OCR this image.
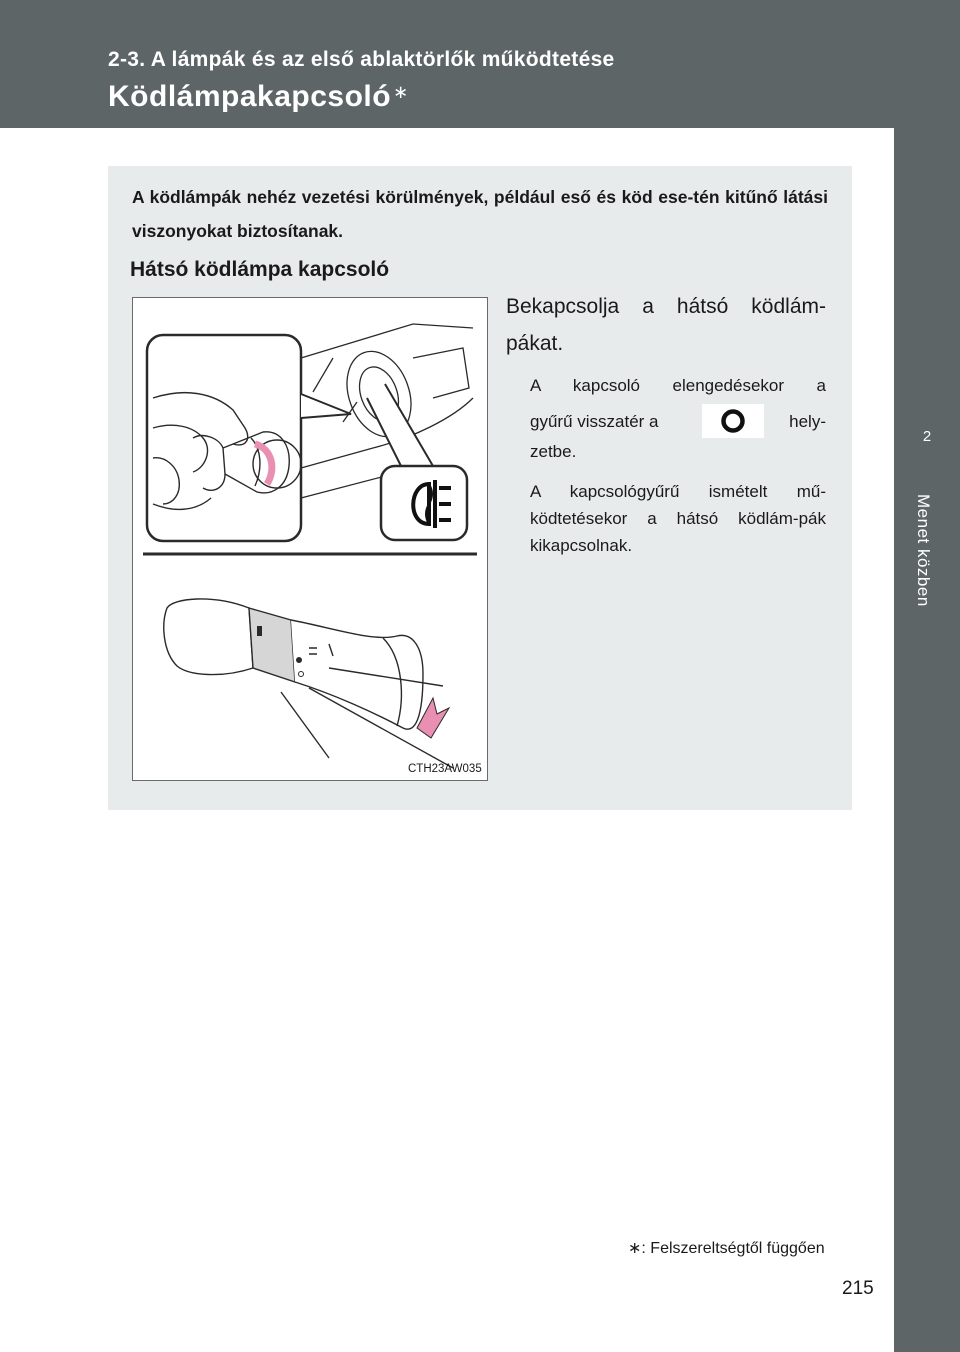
2-3. A lámpák és az első ablaktörlők működtetése
Ködlámpakapcsoló ∗
2
Menet közben
A ködlámpák nehéz vezetési körülmények, például eső és köd ese-tén kitűnő látási viszonyokat biztosítanak.
Hátsó ködlámpa kapcsoló
CTH23AW035
Bekapcsolja a hátsó ködlám-pákat.
A kapcsoló elengedésekor a
gyűrű visszatér a	hely-
zetbe.
A kapcsológyűrű ismételt mű-ködtetésekor a hátsó ködlám-pák kikapcsolnak.
∗: Felszereltségtől függően
215
